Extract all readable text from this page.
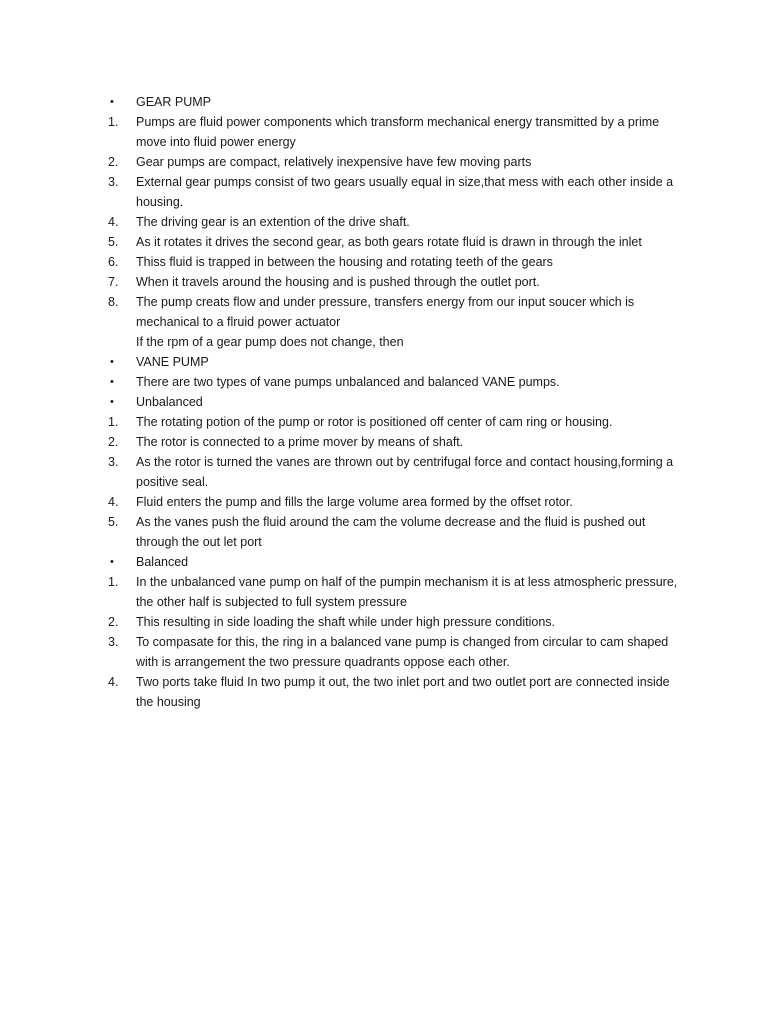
•	GEAR PUMP
1.	Pumps are fluid power components which transform mechanical energy transmitted by a prime move into fluid power energy
2.	Gear pumps are compact, relatively inexpensive have few moving parts
3.	External gear pumps consist of two gears usually equal in size,that mess with each other inside a housing.
4.	The driving gear is an extention of the drive shaft.
5.	As it rotates it drives the second gear, as both gears rotate fluid is drawn in through the inlet
6.	Thiss fluid is trapped in between the housing and rotating teeth of the gears
7.	When it travels around the housing and is pushed through the outlet port.
8.	The pump creats flow and under pressure, transfers energy from our input soucer which is mechanical to a flruid power actuator
If the rpm of a gear pump does not change, then
•	VANE PUMP
•	There are two types of vane pumps unbalanced and balanced VANE pumps.
•	Unbalanced
1.	The rotating potion of the pump or rotor is positioned off center of cam ring or housing.
2.	The rotor is connected to a prime mover by means of shaft.
3.	As the rotor is turned the vanes are thrown out by centrifugal force and contact housing,forming a positive seal.
4.	Fluid enters the pump and fills the large volume area formed by the offset rotor.
5.	As the vanes push the fluid around the cam the volume decrease and the fluid is pushed out through the out let port
•	Balanced
1.	In the unbalanced vane pump on half of the pumpin mechanism it is at less atmospheric pressure, the other half is subjected to full system pressure
2.	This resulting in side loading the shaft while under high pressure conditions.
3.	To compasate for this, the ring in a balanced vane pump is changed from circular to cam shaped with is arrangement the two pressure quadrants oppose each other.
4.	Two ports take fluid In two pump it out, the two inlet port and two outlet port are connected inside the housing
